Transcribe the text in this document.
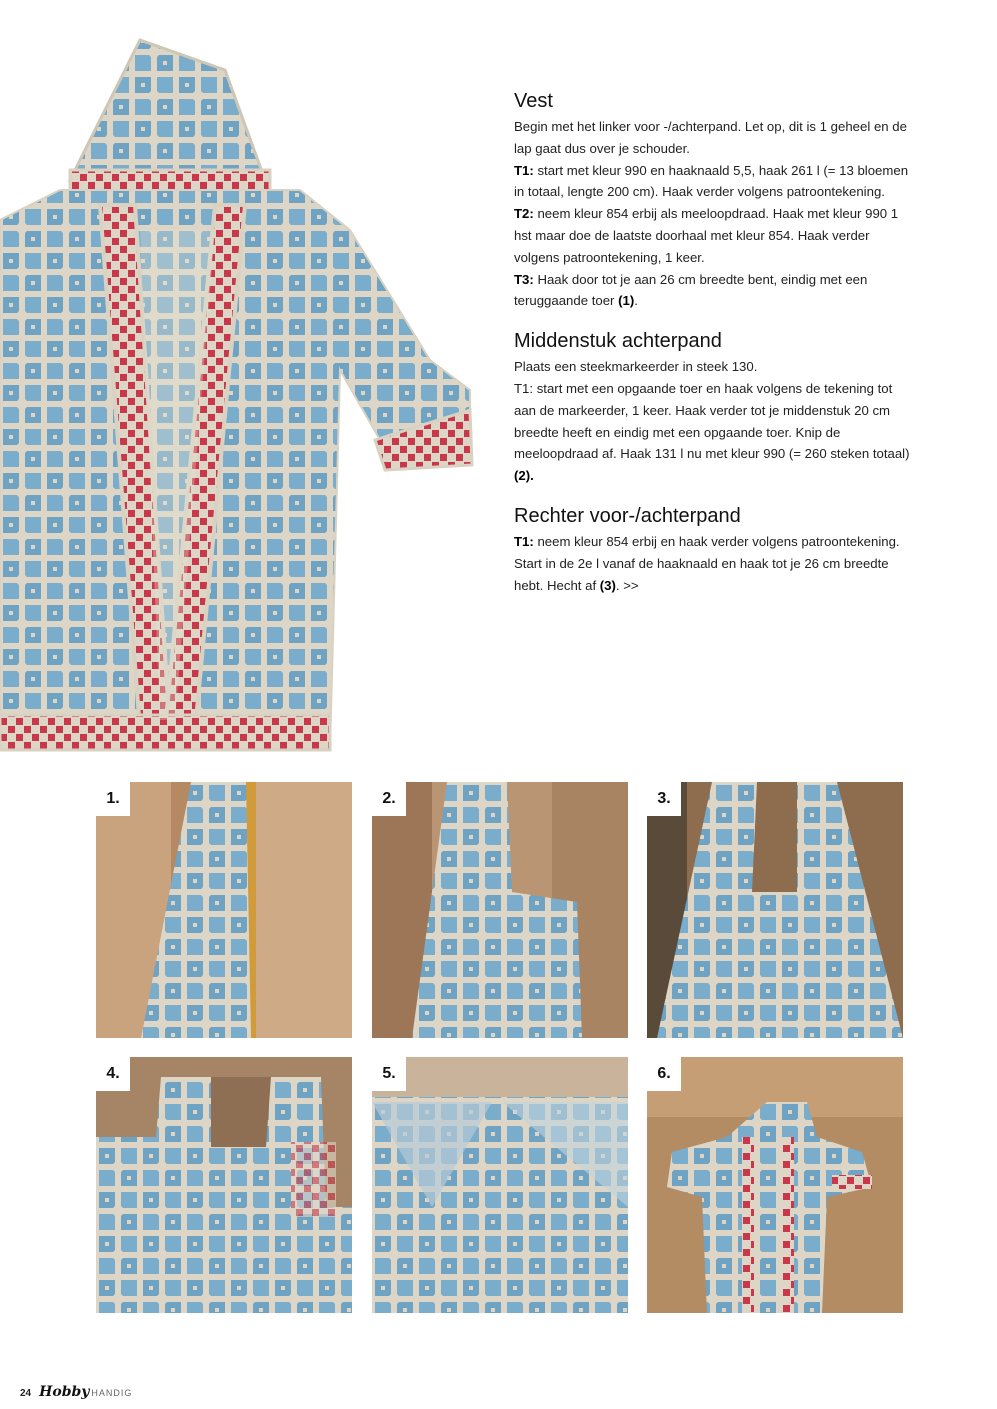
Vest

Begin met het linker voor -/achterpand. Let op, dit is 1 geheel en de lap gaat dus over je schouder.
T1: start met kleur 990 en haaknaald 5,5, haak 261 l (= 13 bloemen in totaal, lengte 200 cm). Haak verder volgens patroontekening.
T2: neem kleur 854 erbij als meeloopdraad. Haak met kleur 990 1 hst maar doe de laatste doorhaal met kleur 854. Haak verder volgens patroontekening, 1 keer.
T3: Haak door tot je aan 26 cm breedte bent, eindig met een teruggaande toer (1).

Middenstuk achterpand

Plaats een steekmarkeerder in steek 130.
T1: start met een opgaande toer en haak volgens de tekening tot aan de markeerder, 1 keer. Haak verder tot je middenstuk 20 cm breedte heeft en eindig met een opgaande toer. Knip de meeloopdraad af. Haak 131 l nu met kleur 990 (= 260 steken totaal) (2).

Rechter voor-/achterpand

T1: neem kleur 854 erbij en haak verder volgens patroontekening. Start in de 2e l vanaf de haaknaald en haak tot je 26 cm breedte hebt. Hecht af (3). >>

1.	2.	3.
4.	5.	6.
24 Hobby HANDIG
